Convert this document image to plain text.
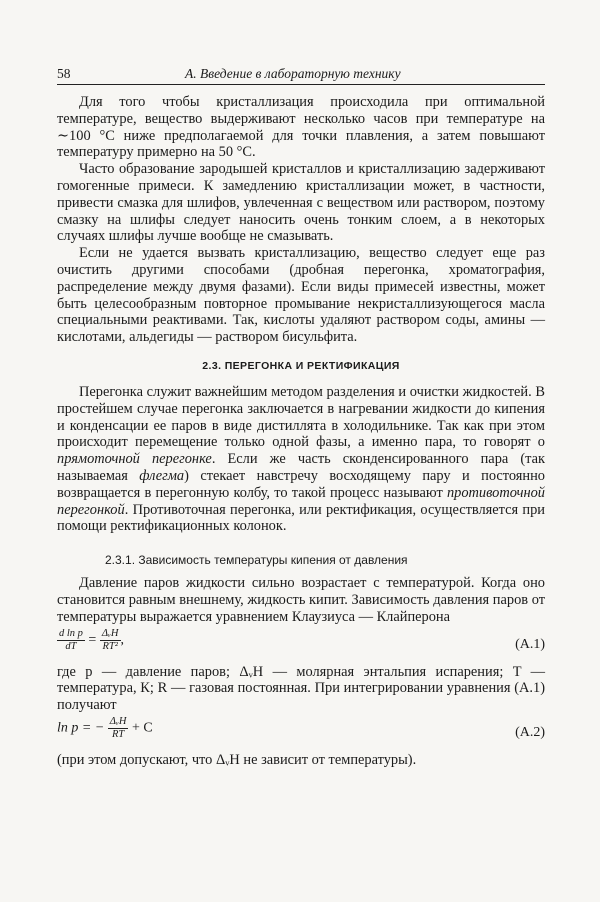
58	А. Введение в лабораторную технику

Для того чтобы кристаллизация происходила при оптимальной температуре, вещество выдерживают несколько часов при температуре на ∼100 °С ниже предполагаемой для точки плавления, а затем повышают температуру примерно на 50 °С.

Часто образование зародышей кристаллов и кристаллизацию задерживают гомогенные примеси. К замедлению кристаллизации может, в частности, привести смазка для шлифов, увлеченная с веществом или раствором, поэтому смазку на шлифы следует наносить очень тонким слоем, а в некоторых случаях шлифы лучше вообще не смазывать.

Если не удается вызвать кристаллизацию, вещество следует еще раз очистить другими способами (дробная перегонка, хроматография, распределение между двумя фазами). Если виды примесей известны, может быть целесообразным повторное промывание некристаллизующегося масла специальными реактивами. Так, кислоты удаляют раствором соды, амины — кислотами, альдегиды — раствором бисульфита.

2.3. ПЕРЕГОНКА И РЕКТИФИКАЦИЯ

Перегонка служит важнейшим методом разделения и очистки жидкостей. В простейшем случае перегонка заключается в нагревании жидкости до кипения и конденсации ее паров в виде дистиллята в холодильнике. Так как при этом происходит перемещение только одной фазы, а именно пара, то говорят о прямоточной перегонке. Если же часть сконденсированного пара (так называемая флегма) стекает навстречу восходящему пару и постоянно возвращается в перегонную колбу, то такой процесс называют противоточной перегонкой. Противоточная перегонка, или ректификация, осуществляется при помощи ректификационных колонок.

2.3.1. Зависимость температуры кипения от давления

Давление паров жидкости сильно возрастает с температурой. Когда оно становится равным внешнему, жидкость кипит. Зависимость давления паров от температуры выражается уравнением Клаузиуса — Клайперона

$\frac{\text{d ln p}}{dT} = \frac{\text{ΔᵥH}}{\text{RT²}}$ ,	(А.1)

где p — давление паров; ΔᵥH — молярная энтальпия испарения; T — температура, К; R — газовая постоянная. При интегрировании уравнения (А.1) получают

ln p = − $\frac{\text{ΔᵥH}}{RT} + C$	(А.2)

(при этом допускают, что ΔᵥH не зависит от температуры).
